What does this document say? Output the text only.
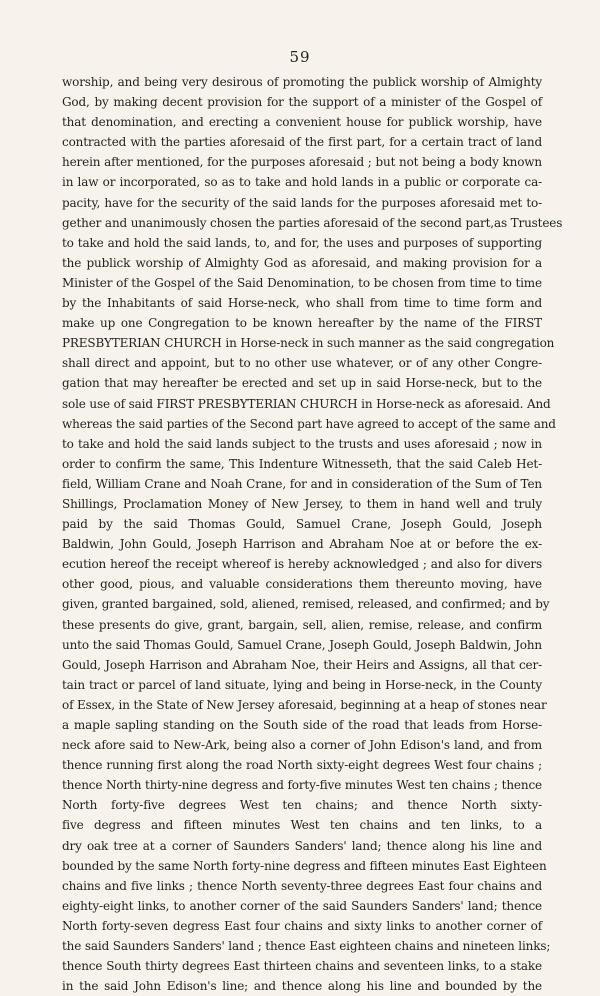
59
worship, and being very desirous of promoting the publick worship of Almighty
God, by making decent provision for the support of a minister of the Gospel of
that denomination, and erecting a convenient house for publick worship, have
contracted with the parties aforesaid of the first part, for a certain tract of land
herein after mentioned, for the purposes aforesaid ; but not being a body known
in law or incorporated, so as to take and hold lands in a public or corporate ca-
pacity, have for the security of the said lands for the purposes aforesaid met to-
gether and unanimously chosen the parties aforesaid of the second part,as Trustees
to take and hold the said lands, to, and for, the uses and purposes of supporting
the publick worship of Almighty God as aforesaid, and making provision for a
Minister of the Gospel of the Said Denomination, to be chosen from time to time
by the Inhabitants of said Horse-neck, who shall from time to time form and
make up one Congregation to be known hereafter by the name of the FIRST
PRESBYTERIAN CHURCH in Horse-neck in such manner as the said congregation
shall direct and appoint, but to no other use whatever, or of any other Congre-
gation that may hereafter be erected and set up in said Horse-neck, but to the
sole use of said FIRST PRESBYTERIAN CHURCH in Horse-neck as aforesaid. And
whereas the said parties of the Second part have agreed to accept of the same and
to take and hold the said lands subject to the trusts and uses aforesaid ; now in
order to confirm the same, This Indenture Witnesseth, that the said Caleb Het-
field, William Crane and Noah Crane, for and in consideration of the Sum of Ten
Shillings, Proclamation Money of New Jersey, to them in hand well and truly
paid by the said Thomas Gould, Samuel Crane, Joseph Gould, Joseph
Baldwin, John Gould, Joseph Harrison and Abraham Noe at or before the ex-
ecution hereof the receipt whereof is hereby acknowledged ; and also for divers
other good, pious, and valuable considerations them thereunto moving, have
given, granted bargained, sold, aliened, remised, released, and confirmed; and by
these presents do give, grant, bargain, sell, alien, remise, release, and confirm
unto the said Thomas Gould, Samuel Crane, Joseph Gould, Joseph Baldwin, John
Gould, Joseph Harrison and Abraham Noe, their Heirs and Assigns, all that cer-
tain tract or parcel of land situate, lying and being in Horse-neck, in the County
of Essex, in the State of New Jersey aforesaid, beginning at a heap of stones near
a maple sapling standing on the South side of the road that leads from Horse-
neck afore said to New-Ark, being also a corner of John Edison's land, and from
thence running first along the road North sixty-eight degrees West four chains ;
thence North thirty-nine degress and forty-five minutes West ten chains ; thence
North forty-five degrees West ten chains; and thence North sixty-
five degress and fifteen minutes West ten chains and ten links, to a
dry oak tree at a corner of Saunders Sanders' land; thence along his line and
bounded by the same North forty-nine degress and fifteen minutes East Eighteen
chains and five links ; thence North seventy-three degrees East four chains and
eighty-eight links, to another corner of the said Saunders Sanders' land; thence
North forty-seven degress East four chains and sixty links to another corner of
the said Saunders Sanders' land ; thence East eighteen chains and nineteen links;
thence South thirty degrees East thirteen chains and seventeen links, to a stake
in the said John Edison's line; and thence along his line and bounded by the
